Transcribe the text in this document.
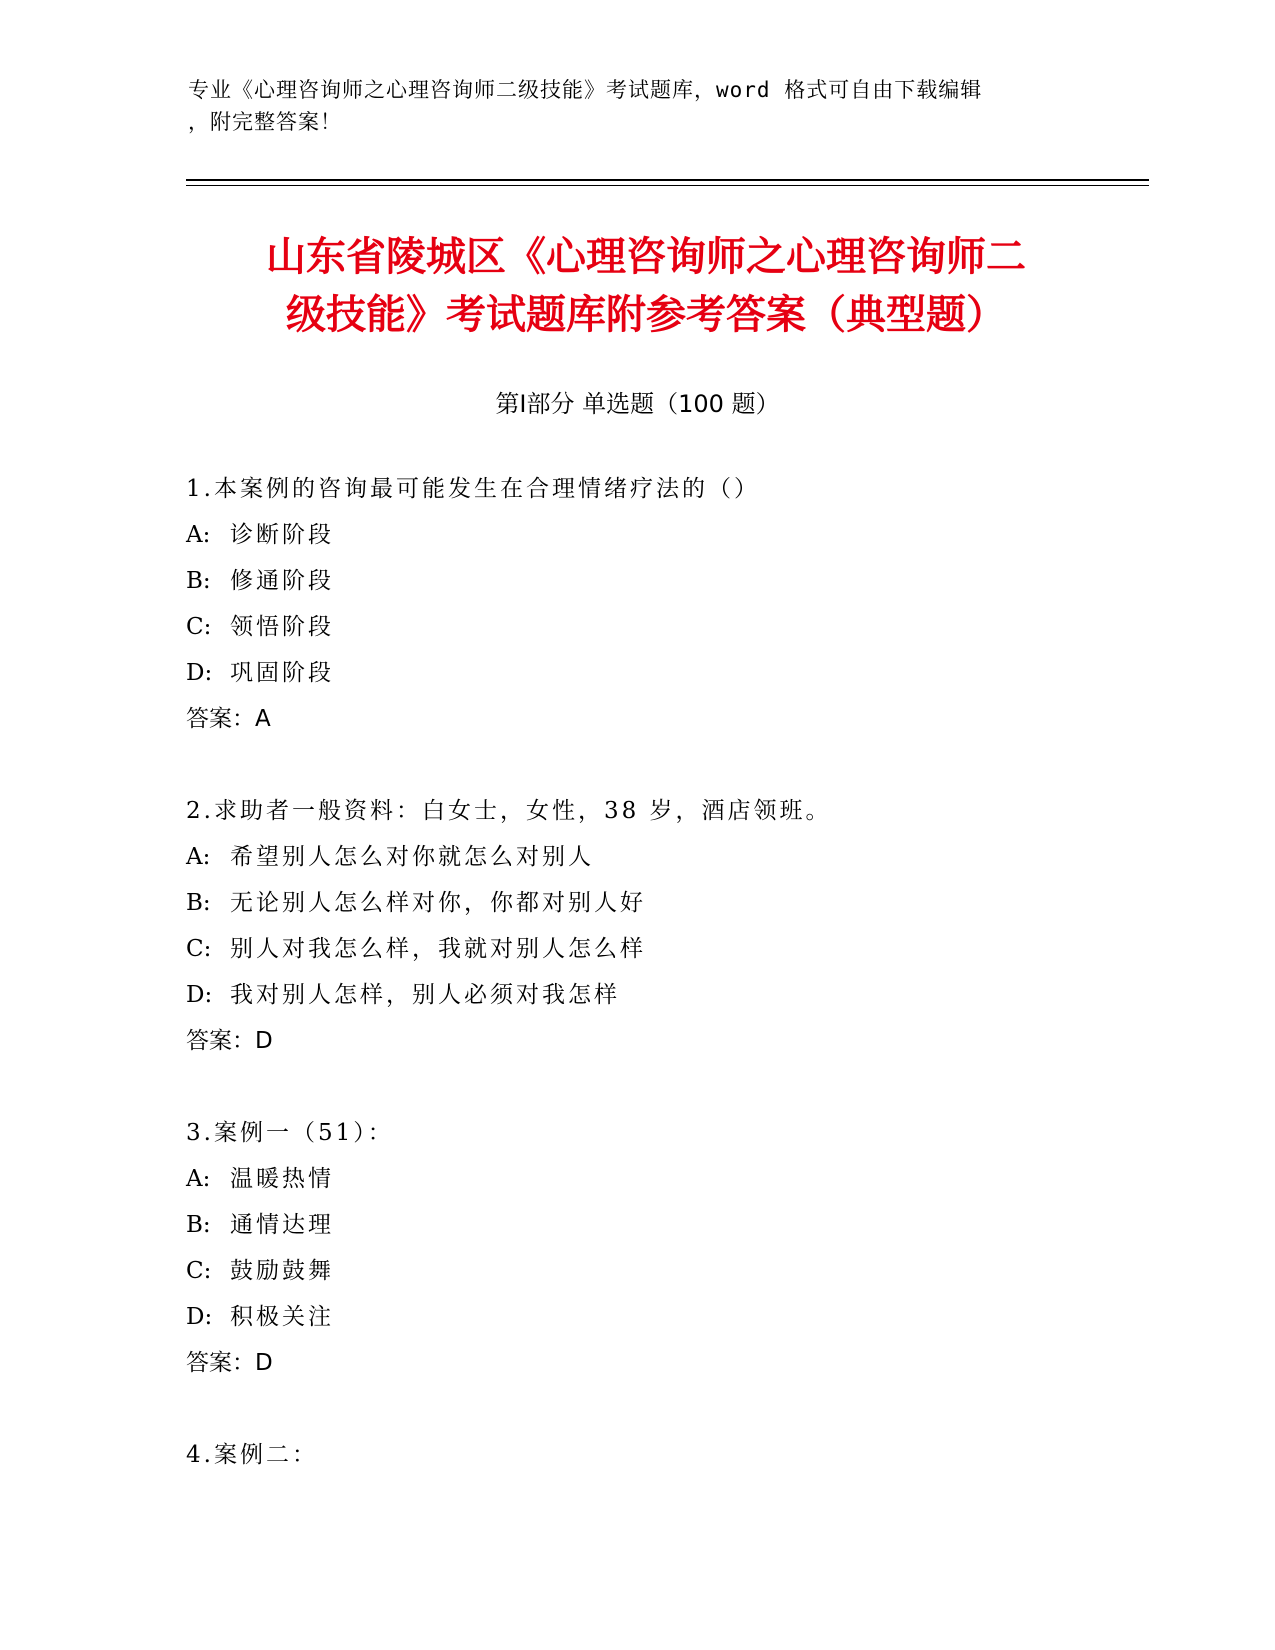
专业《心理咨询师之心理咨询师二级技能》考试题库，word 格式可自由下载编辑
，附完整答案！
山东省陵城区《心理咨询师之心理咨询师二
级技能》考试题库附参考答案（典型题）
第Ⅰ部分 单选题（100 题）
1.本案例的咨询最可能发生在合理情绪疗法的（）
A: 诊断阶段
B: 修通阶段
C: 领悟阶段
D: 巩固阶段
答案：A
2.求助者一般资料：白女士，女性，38 岁，酒店领班。
A: 希望别人怎么对你就怎么对别人
B: 无论别人怎么样对你，你都对别人好
C: 别人对我怎么样，我就对别人怎么样
D: 我对别人怎样，别人必须对我怎样
答案：D
3.案例一（51）：
A: 温暖热情
B: 通情达理
C: 鼓励鼓舞
D: 积极关注
答案：D
4.案例二：
